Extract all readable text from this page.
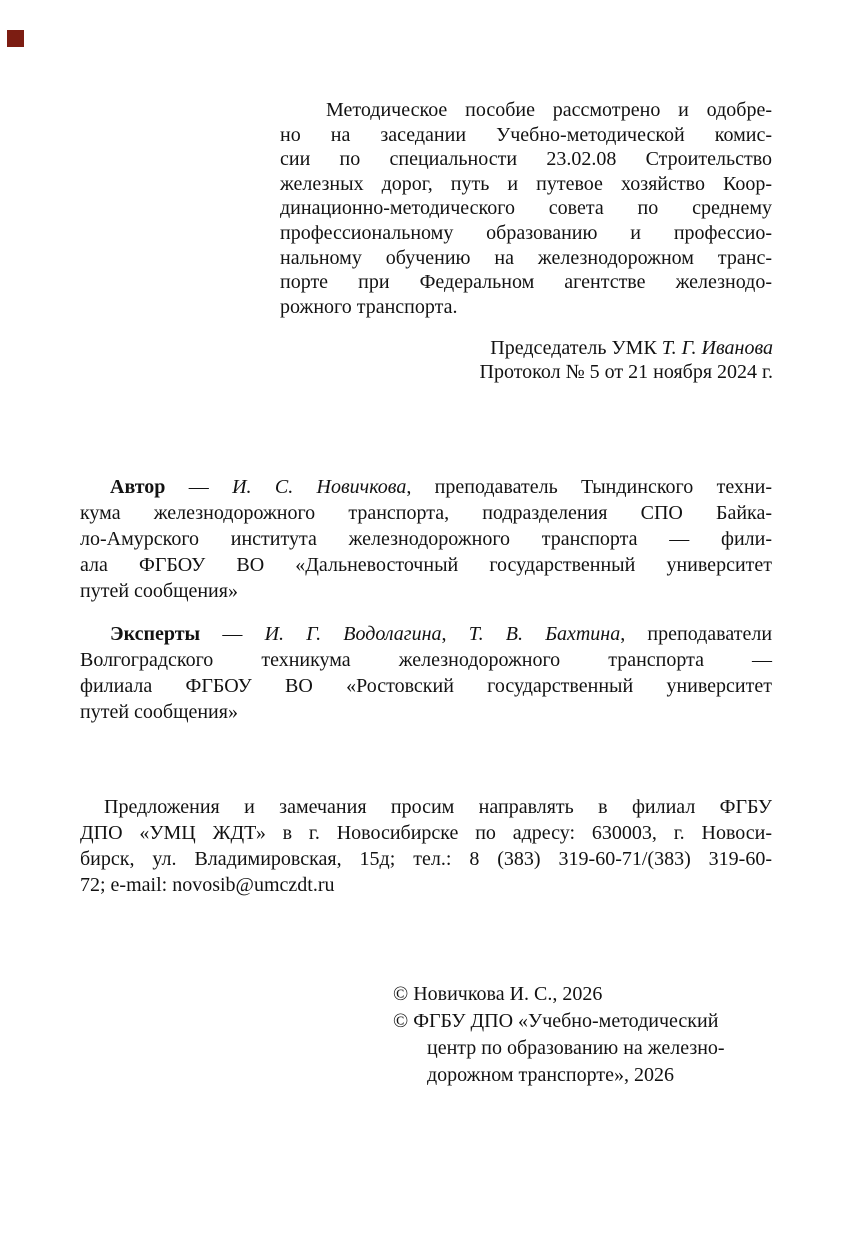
Методическое пособие рассмотрено и одобре-
но на заседании Учебно-методической комис-
сии по специальности 23.02.08 Строительство
железных дорог, путь и путевое хозяйство Коор-
динационно-методического совета по среднему
профессиональному образованию и профессио-
нальному обучению на железнодорожном транс-
порте при Федеральном агентстве железнодо-
рожного транспорта.
Председатель УМК Т. Г. Иванова
Протокол № 5 от 21 ноября 2024 г.
Автор — И. С. Новичкова, преподаватель Тындинского техни-
кума железнодорожного транспорта, подразделения СПО Байка-
ло-Амурского института железнодорожного транспорта — фили-
ала ФГБОУ ВО «Дальневосточный государственный университет
путей сообщения»
Эксперты — И. Г. Водолагина, Т. В. Бахтина, преподаватели
Волгоградского техникума железнодорожного транспорта —
филиала ФГБОУ ВО «Ростовский государственный университет
путей сообщения»
Предложения и замечания просим направлять в филиал ФГБУ
ДПО «УМЦ ЖДТ» в г. Новосибирске по адресу: 630003, г. Новоси-
бирск, ул. Владимировская, 15д; тел.: 8 (383) 319-60-71/(383) 319-60-
72; e-mail: novosib@umczdt.ru
© Новичкова И. С., 2026
© ФГБУ ДПО «Учебно-методический
центр по образованию на железно-
дорожном транспорте», 2026
